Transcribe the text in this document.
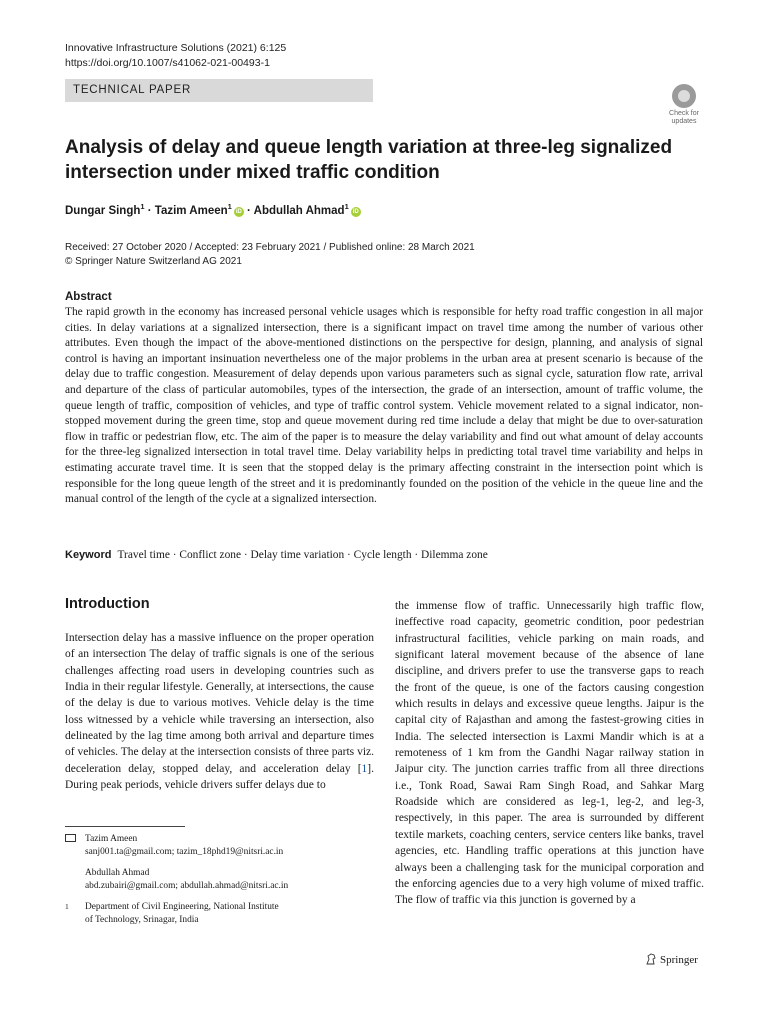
Innovative Infrastructure Solutions (2021) 6:125
https://doi.org/10.1007/s41062-021-00493-1
TECHNICAL PAPER
Check for updates
Analysis of delay and queue length variation at three-leg signalized intersection under mixed traffic condition
Dungar Singh$^1$ · Tazim Ameen$^1$iD · Abdullah Ahmad$^1$iD
Received: 27 October 2020 / Accepted: 23 February 2021 / Published online: 28 March 2021
© Springer Nature Switzerland AG 2021
Abstract
The rapid growth in the economy has increased personal vehicle usages which is responsible for hefty road traffic congestion in all major cities. In delay variations at a signalized intersection, there is a significant impact on travel time among the number of various other attributes. Even though the impact of the above-mentioned distinctions on the perspective for design, planning, and analysis of signal control is having an important insinuation nevertheless one of the major problems in the urban area at present scenario is because of the delay due to traffic congestion. Measurement of delay depends upon various parameters such as signal cycle, saturation flow rate, arrival and departure of the class of particular automobiles, types of the intersection, the grade of an intersection, amount of traffic volume, the queue length of traffic, composition of vehicles, and type of traffic control system. Vehicle movement related to a signal indicator, non-stopped movement during the green time, stop and queue movement during red time include a delay that might be due to over-saturation flow in traffic or pedestrian flow, etc. The aim of the paper is to measure the delay variability and find out what amount of delay accounts for the three-leg signalized intersection in total travel time. Delay variability helps in predicting total travel time variability and helps in estimating accurate travel time. It is seen that the stopped delay is the primary affecting constraint in the intersection point which is responsible for the long queue length of the street and it is predominantly founded on the position of the vehicle in the queue line and the manual control of the length of the cycle at a signalized intersection.
Keyword Travel time · Conflict zone · Delay time variation · Cycle length · Dilemma zone
Introduction
Intersection delay has a massive influence on the proper operation of an intersection The delay of traffic signals is one of the serious challenges affecting road users in developing countries such as India in their regular lifestyle. Generally, at intersections, the cause of the delay is due to various motives. Vehicle delay is the time loss witnessed by a vehicle while traversing an intersection, also delineated by the lag time among both arrival and departure times of vehicles. The delay at the intersection consists of three parts viz. deceleration delay, stopped delay, and acceleration delay [1]. During peak periods, vehicle drivers suffer delays due to
the immense flow of traffic. Unnecessarily high traffic flow, ineffective road capacity, geometric condition, poor pedestrian infrastructural facilities, vehicle parking on main roads, and significant lateral movement because of the absence of lane discipline, and drivers prefer to use the transverse gaps to reach the front of the queue, is one of the factors causing congestion which results in delays and excessive queue lengths. Jaipur is the capital city of Rajasthan and among the fastest-growing cities in India. The selected intersection is Laxmi Mandir which is at a remoteness of 1 km from the Gandhi Nagar railway station in Jaipur city. The junction carries traffic from all three directions i.e., Tonk Road, Sawai Ram Singh Road, and Sahkar Marg Roadside which are considered as leg-1, leg-2, and leg-3, respectively, in this paper. The area is surrounded by different textile markets, coaching centers, service centers like banks, travel agencies, etc. Handling traffic operations at this junction have always been a challenging task for the municipal corporation and the enforcing agencies due to a very high volume of mixed traffic. The flow of traffic via this junction is governed by a
Tazim Ameen
sanj001.ta@gmail.com; tazim_18phd19@nitsri.ac.in
Abdullah Ahmad
abd.zubairi@gmail.com; abdullah.ahmad@nitsri.ac.in
1 Department of Civil Engineering, National Institute
of Technology, Srinagar, India
Springer
